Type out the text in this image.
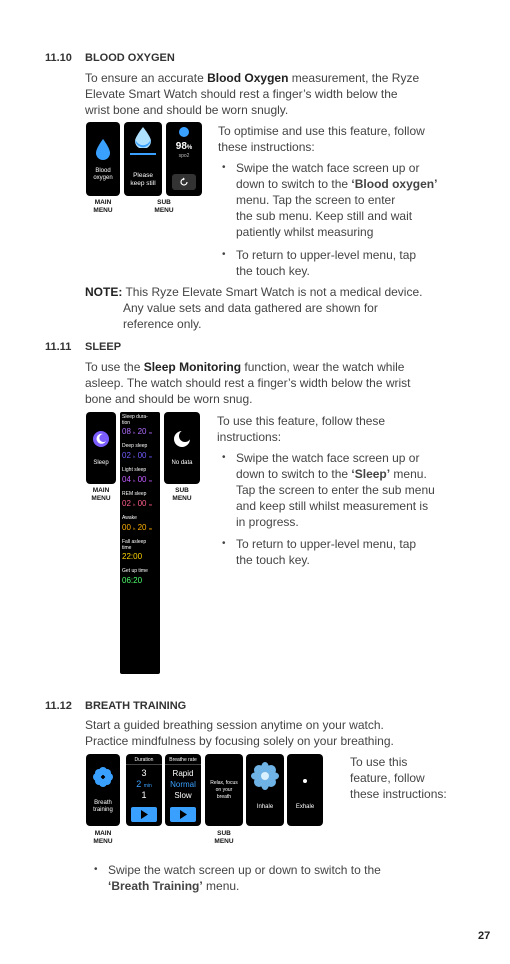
11.10 BLOOD OXYGEN
To ensure an accurate Blood Oxygen measurement, the Ryze
Elevate Smart Watch should rest a finger’s width below the
wrist bone and should be worn snugly.
Blood oxygen	Please
keep still
98%
spo2
MAIN
MENU
SUB
MENU
To optimise and use this feature, follow
these instructions:
• Swipe the watch face screen up or
down to switch to the ‘Blood oxygen’
menu. Tap the screen to enter
the sub menu. Keep still and wait
patiently whilst measuring
• To return to upper-level menu, tap
the touch key.
NOTE: This Ryze Elevate Smart Watch is not a medical device.
Any value sets and data gathered are shown for
reference only.
11.11 SLEEP
To use the Sleep Monitoring function, wear the watch while
asleep. The watch should rest a finger’s width below the wrist
bone and should be worn snug.
Sleep
Sleep dura-
tion
08 h 20 m
Deep sleep
02 h 00 m
Light sleep
04 h 00 m
REM sleep
02 h 00 m
Awake
00 h 20 m
Fall asleep
time
22:00
Get up time
06:20
No data
MAIN
MENU
SUB
MENU
To use this feature, follow these
instructions:
• Swipe the watch face screen up or
down to switch to the ‘Sleep’ menu.
Tap the screen to enter the sub menu
and keep still whilst measurement is
in progress.
• To return to upper-level menu, tap
the touch key.
11.12 BREATH TRAINING
Start a guided breathing session anytime on your watch.
Practice mindfulness by focusing solely on your breathing.
Breath training
Duration
3
2 min
1
Breathe rate
Rapid
Normal
Slow
Relax, focus
on your
breath
Inhale	Exhale
MAIN
MENU
SUB
MENU
To use this
feature, follow
these instructions:
• Swipe the watch screen up or down to switch to the
‘Breath Training’ menu.
27
